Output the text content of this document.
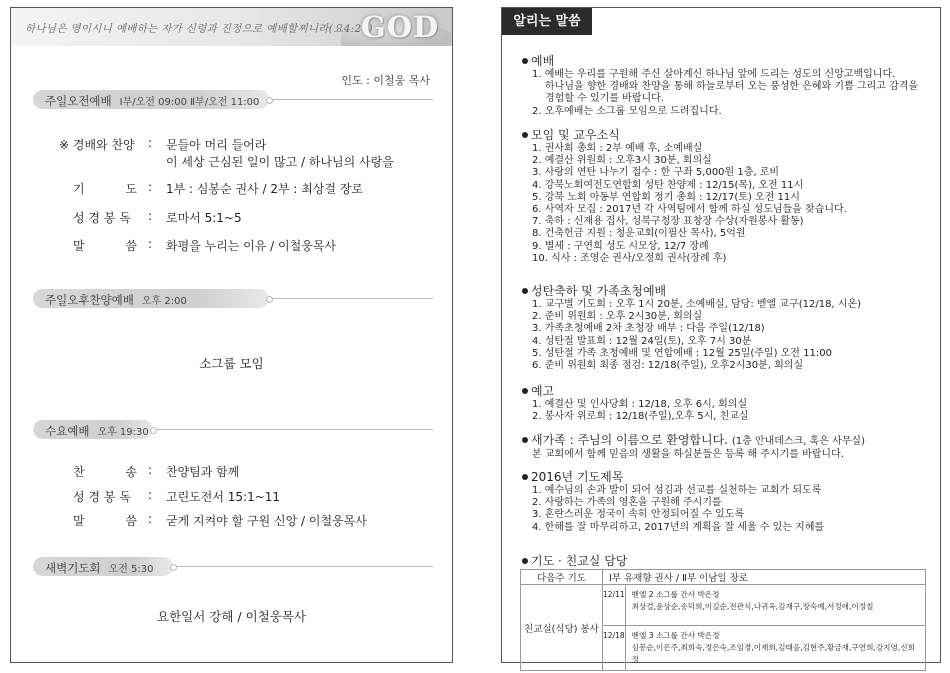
하나님은 영이시니 예배하는 자가 신령과 진정으로 예배할찌니라(요4:24)
GOD
인도 : 이철웅 목사
주일오전예배 Ⅰ부/오전 09:00 Ⅱ부/오전 11:00
※ 경배와 찬양 : 문들아 머리 들어라
이 세상 근심된 일이 많고 / 하나님의 사랑을
기	도 : 1부 : 심봉순 권사 / 2부 : 최상걸 장로
성 경 봉 독 : 로마서 5:1~5
말	씀 : 화평을 누리는 이유 / 이철웅목사
주일오후찬양예배 오후 2:00
소그룹 모임
수요예배 오후 19:30
찬	송 : 찬양팀과 함께
성 경 봉 독 : 고린도전서 15:1~11
말	씀 : 굳게 지켜야 할 구원 신앙 / 이철웅목사
새벽기도회 오전 5:30
요한일서 강해 / 이철웅목사
알리는 말씀
예배
1. 예배는 우리를 구원해 주신 살아계신 하나님 앞에 드리는 성도의 신앙고백입니다.
하나님을 향한 경배와 찬양을 통해 하늘로부터 오는 풍성한 은혜와 기쁨 그리고 감격을
경험할 수 있기를 바랍니다.
2. 오후예배는 소그룹 모임으로 드려집니다.
모임 및 교우소식
1. 권사회 총회 : 2부 예배 후, 소예배실
2. 예결산 위원회 : 오후3시 30분, 회의실
3. 사랑의 연탄 나누기 접수 : 한 구좌 5,000원 1층, 로비
4. 강북노회여전도연합회 성탄 찬양제 : 12/15(목), 오전 11시
5. 강북 노회 아동부 연합회 정기 총회 : 12/17(토) 오전 11시
6. 사역자 모집 : 2017년 각 사역팀에서 함께 하실 성도님들을 찾습니다.
7. 축하 : 신재용 집사, 성북구청장 표창장 수상(자원봉사 활동)
8. 건축헌금 지원 : 청운교회(이필산 목사), 5억원
9. 별세 : 구연희 성도 시모상, 12/7 장례
10. 식사 : 조영순 권사/오정희 권사(장례 후)
성탄축하 및 가족초청예배
1. 교구별 기도회 : 오후 1시 20분, 소예배실, 담당: 벧엘 교구(12/18, 시온)
2. 준비 위원회 : 오후 2시30분, 회의실
3. 가족초청예배 2차 초청장 배부 : 다음 주일(12/18)
4. 성탄절 발표회 : 12월 24일(토), 오후 7시 30분
5. 성탄절 가족 초청예배 및 연합예배 : 12월 25일(주일) 오전 11:00
6. 준비 위원회 최종 점검: 12/18(주일), 오후2시30분, 회의실
예고
1. 예결산 및 인사당회 : 12/18, 오후 6시, 회의실
2. 봉사자 위로회 : 12/18(주일),오후 5시, 친교실
새가족 : 주님의 이름으로 환영합니다. (1층 안내데스크, 혹은 사무실)
본 교회에서 함께 믿음의 생활을 하실분들은 등록 해 주시기를 바랍니다.
2016년 기도제목
1. 예수님의 손과 발이 되어 섬김과 선교를 실천하는 교회가 되도록
2. 사랑하는 가족의 영혼을 구원해 주시기를
3. 혼란스러운 정국이 속히 안정되어질 수 있도록
4. 한해를 잘 마무리하고, 2017년의 계획을 잘 세울 수 있는 지혜를
기도 · 친교실 담당
다음주 기도	Ⅰ부 유재향 권사 / Ⅱ부 이남일 장로	
친교실(식당) 봉사	12/11	벧엘 2 소그룹 간사 박은정
최상걸,윤상순,송덕희,이길순,전관식,나귀옥,김재구,장숙예,서정애,이정칠

	12/18	벧엘 3 소그룹 간사 박은정
심봉순,이은주,최희숙,정은숙,조임경,이재희,김태음,김현주,황금재,구연희,강지영,신희정
